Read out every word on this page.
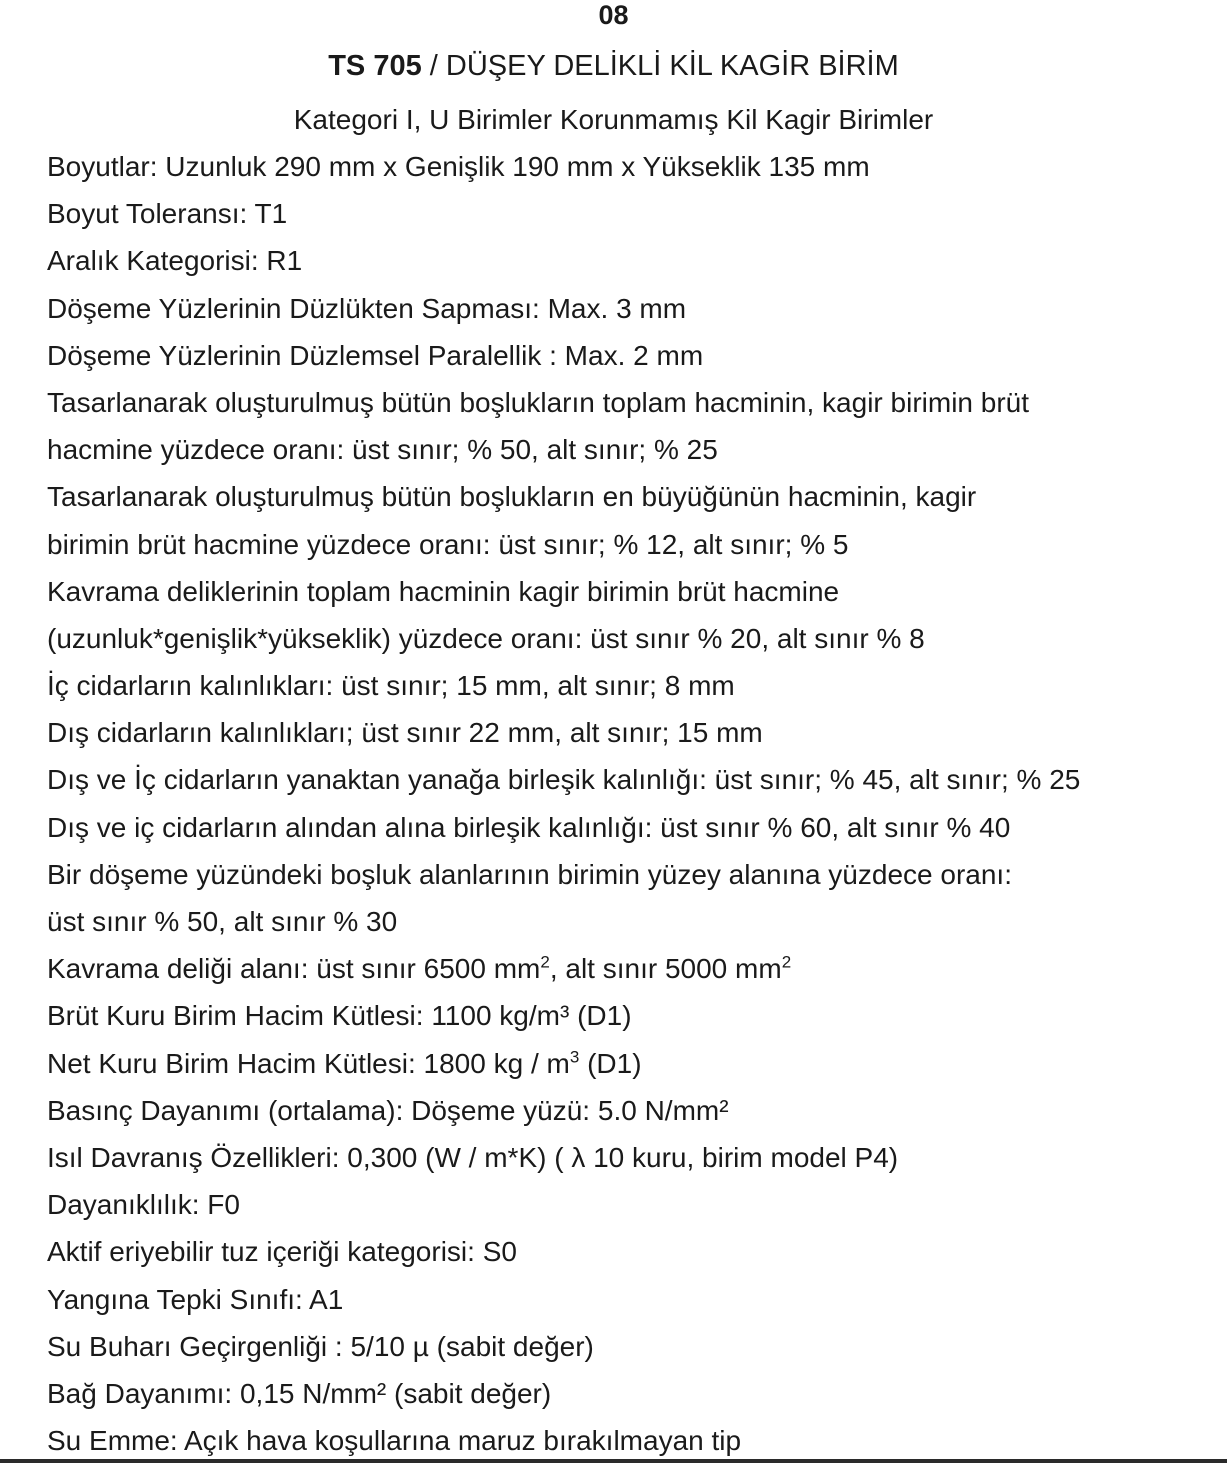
08
TS 705 / DÜŞEY DELİKLİ KİL KAGİR BİRİM
Kategori I, U Birimler Korunmamış Kil Kagir Birimler
Boyutlar: Uzunluk 290 mm x Genişlik 190 mm x Yükseklik 135 mm
Boyut Toleransı: T1
Aralık Kategorisi: R1
Döşeme Yüzlerinin Düzlükten Sapması: Max. 3 mm
Döşeme Yüzlerinin Düzlemsel Paralellik : Max. 2 mm
Tasarlanarak oluşturulmuş bütün boşlukların toplam hacminin, kagir birimin brüt
hacmine yüzdece oranı: üst sınır; % 50, alt sınır; % 25
Tasarlanarak oluşturulmuş bütün boşlukların en büyüğünün hacminin, kagir
birimin brüt hacmine yüzdece oranı: üst sınır; % 12, alt sınır; % 5
Kavrama deliklerinin toplam hacminin kagir birimin brüt hacmine
(uzunluk*genişlik*yükseklik) yüzdece oranı: üst sınır % 20, alt sınır % 8
İç cidarların kalınlıkları: üst sınır; 15 mm, alt sınır; 8 mm
Dış cidarların kalınlıkları; üst sınır 22 mm, alt sınır; 15 mm
Dış ve İç cidarların yanaktan yanağa birleşik kalınlığı: üst sınır; % 45, alt sınır; % 25
Dış ve iç cidarların alından alına birleşik kalınlığı: üst sınır % 60, alt sınır % 40
Bir döşeme yüzündeki boşluk alanlarının birimin yüzey alanına yüzdece oranı:
üst sınır % 50, alt sınır % 30
Kavrama deliği alanı: üst sınır 6500 $mm^2$, alt sınır 5000 $mm^2$
Brüt Kuru Birim Hacim Kütlesi: 1100 kg/m³ (D1)
Net Kuru Birim Hacim Kütlesi: 1800 kg / $m^3$ (D1)
Basınç Dayanımı (ortalama): Döşeme yüzü: 5.0 N/mm²
Isıl Davranış Özellikleri: 0,300 (W / m*K) ( λ 10 kuru, birim model P4)
Dayanıklılık: F0
Aktif eriyebilir tuz içeriği kategorisi: S0
Yangına Tepki Sınıfı: A1
Su Buharı Geçirgenliği : 5/10 µ (sabit değer)
Bağ Dayanımı: 0,15 N/mm² (sabit değer)
Su Emme: Açık hava koşullarına maruz bırakılmayan tip
